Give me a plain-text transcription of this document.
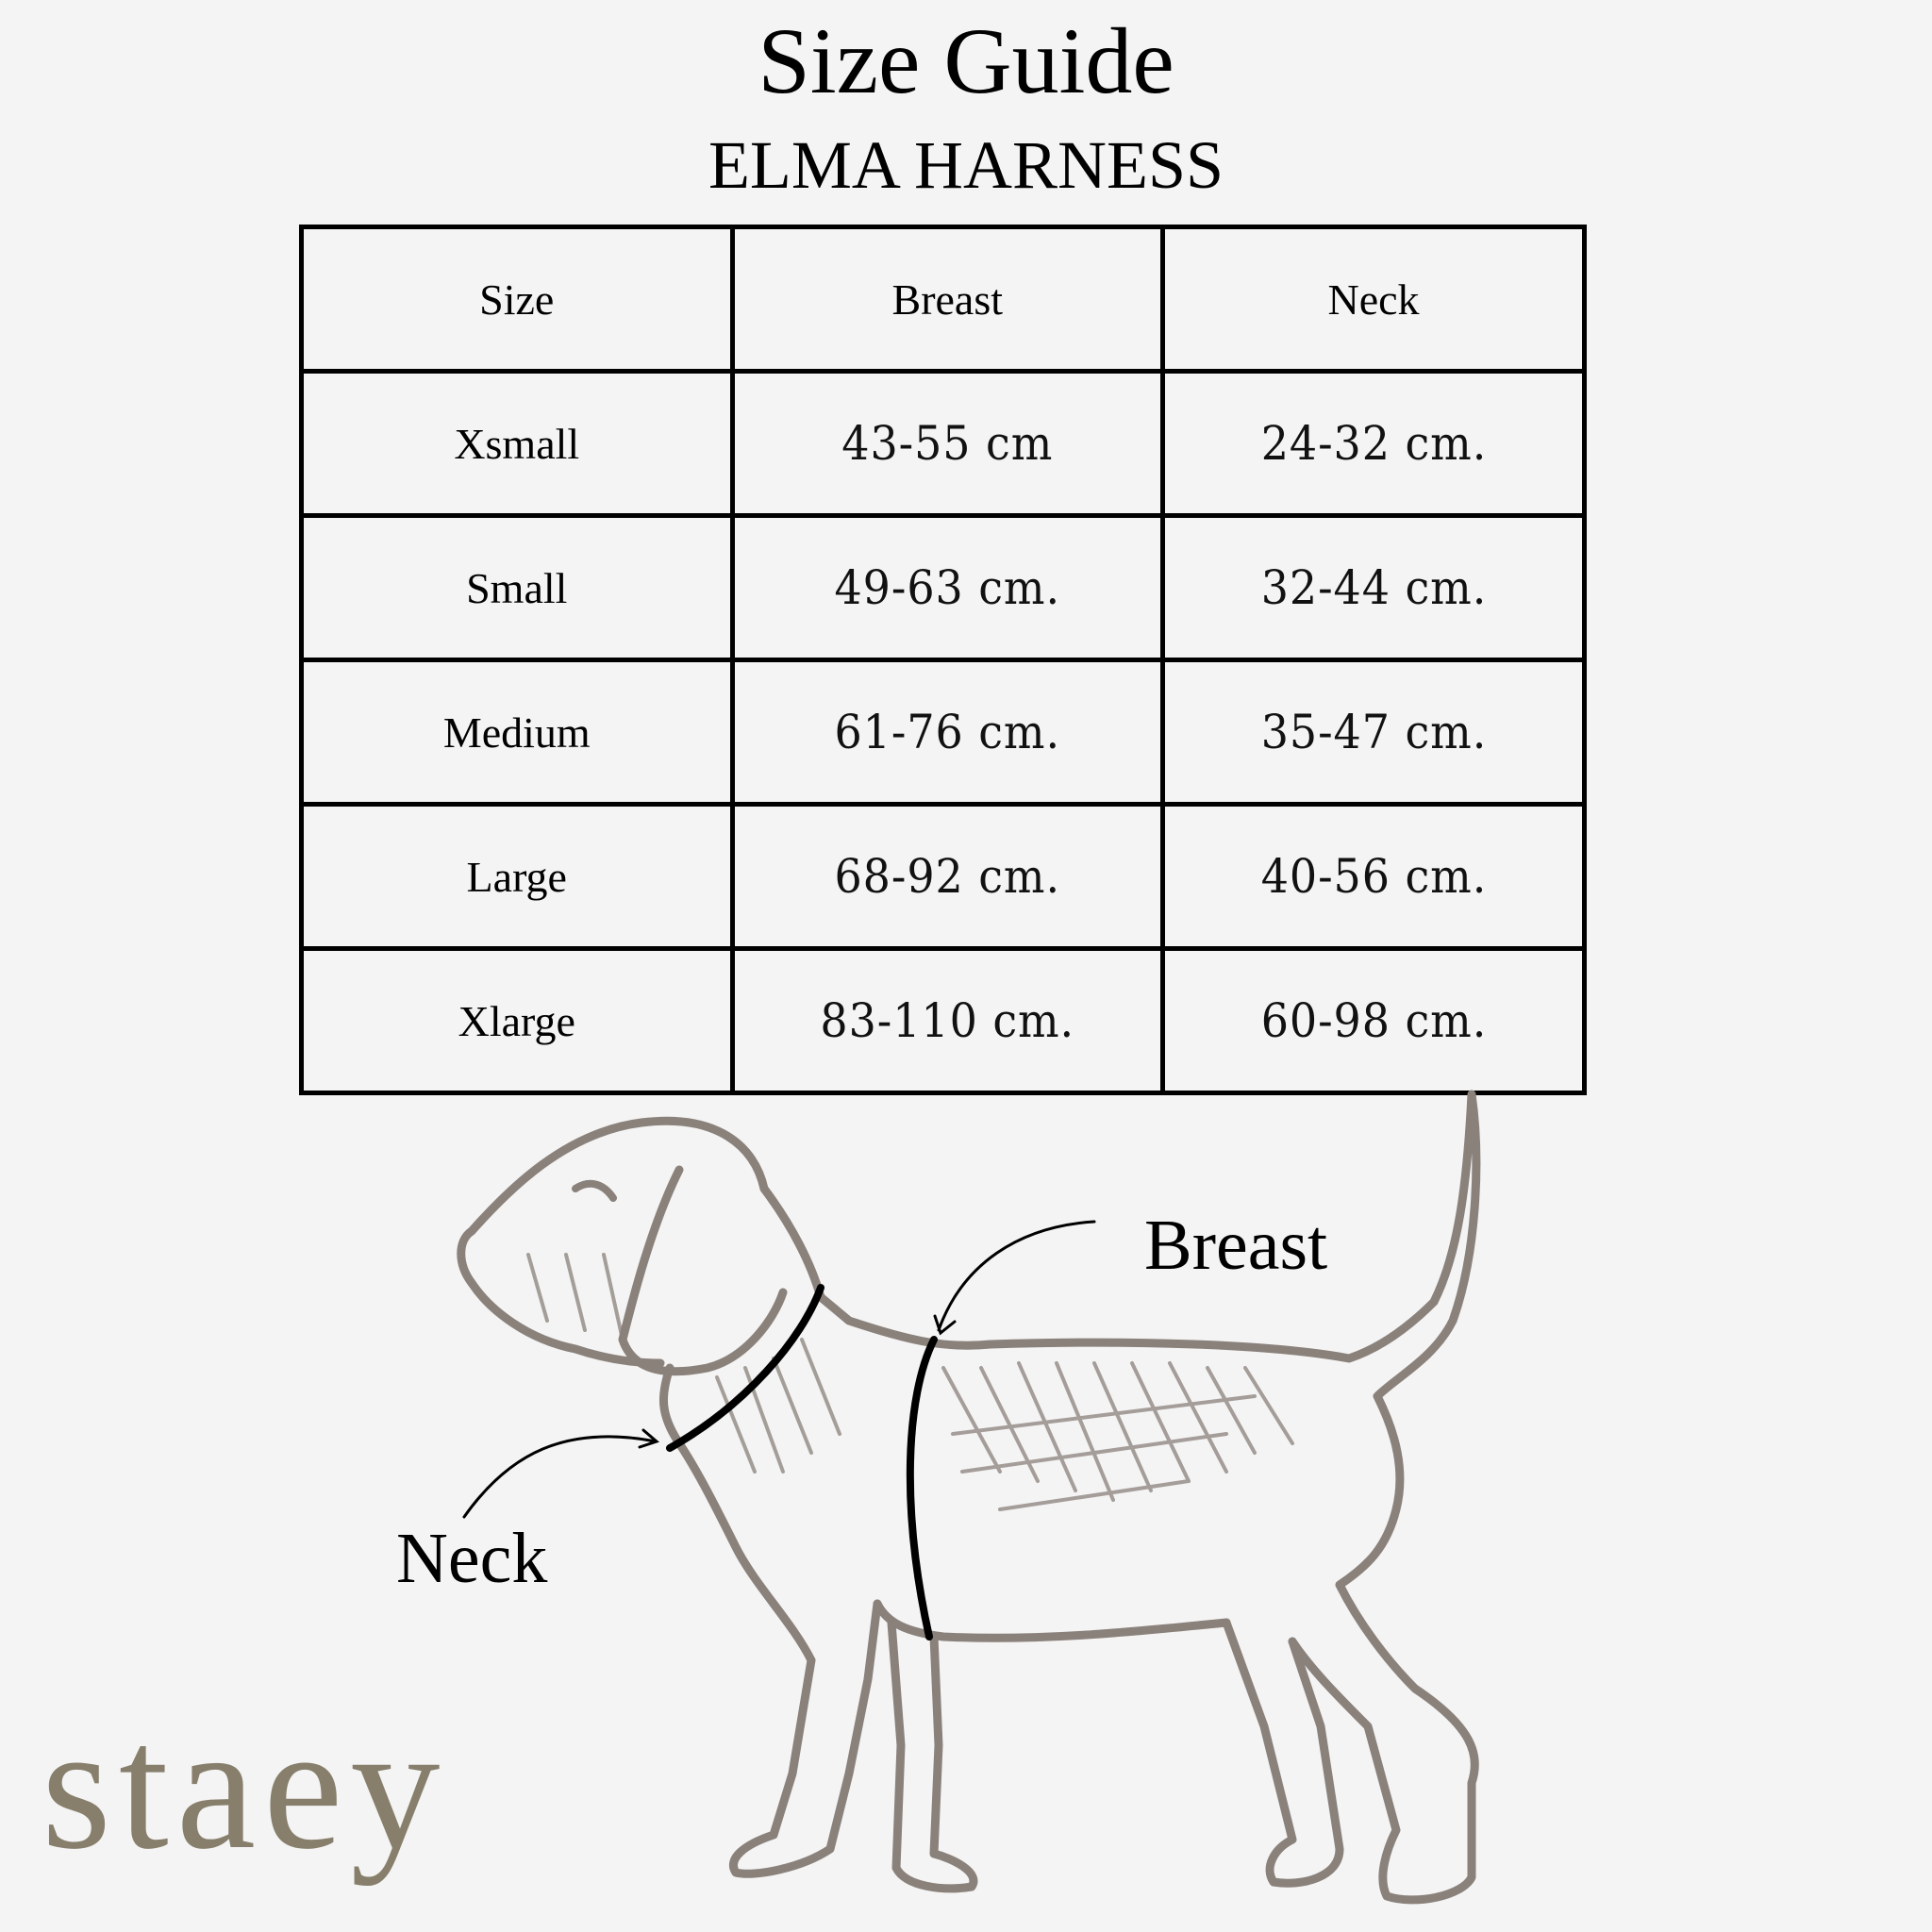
Size Guide
ELMA HARNESS
Size	Breast	Neck
Xsmall	43-55 cm	24-32 cm.
Small	49-63 cm.	32-44 cm.
Medium	61-76 cm.	35-47 cm.
Large	68-92 cm.	40-56 cm.
Xlarge	83-110 cm.	60-98 cm.
Breast
Neck
staey
